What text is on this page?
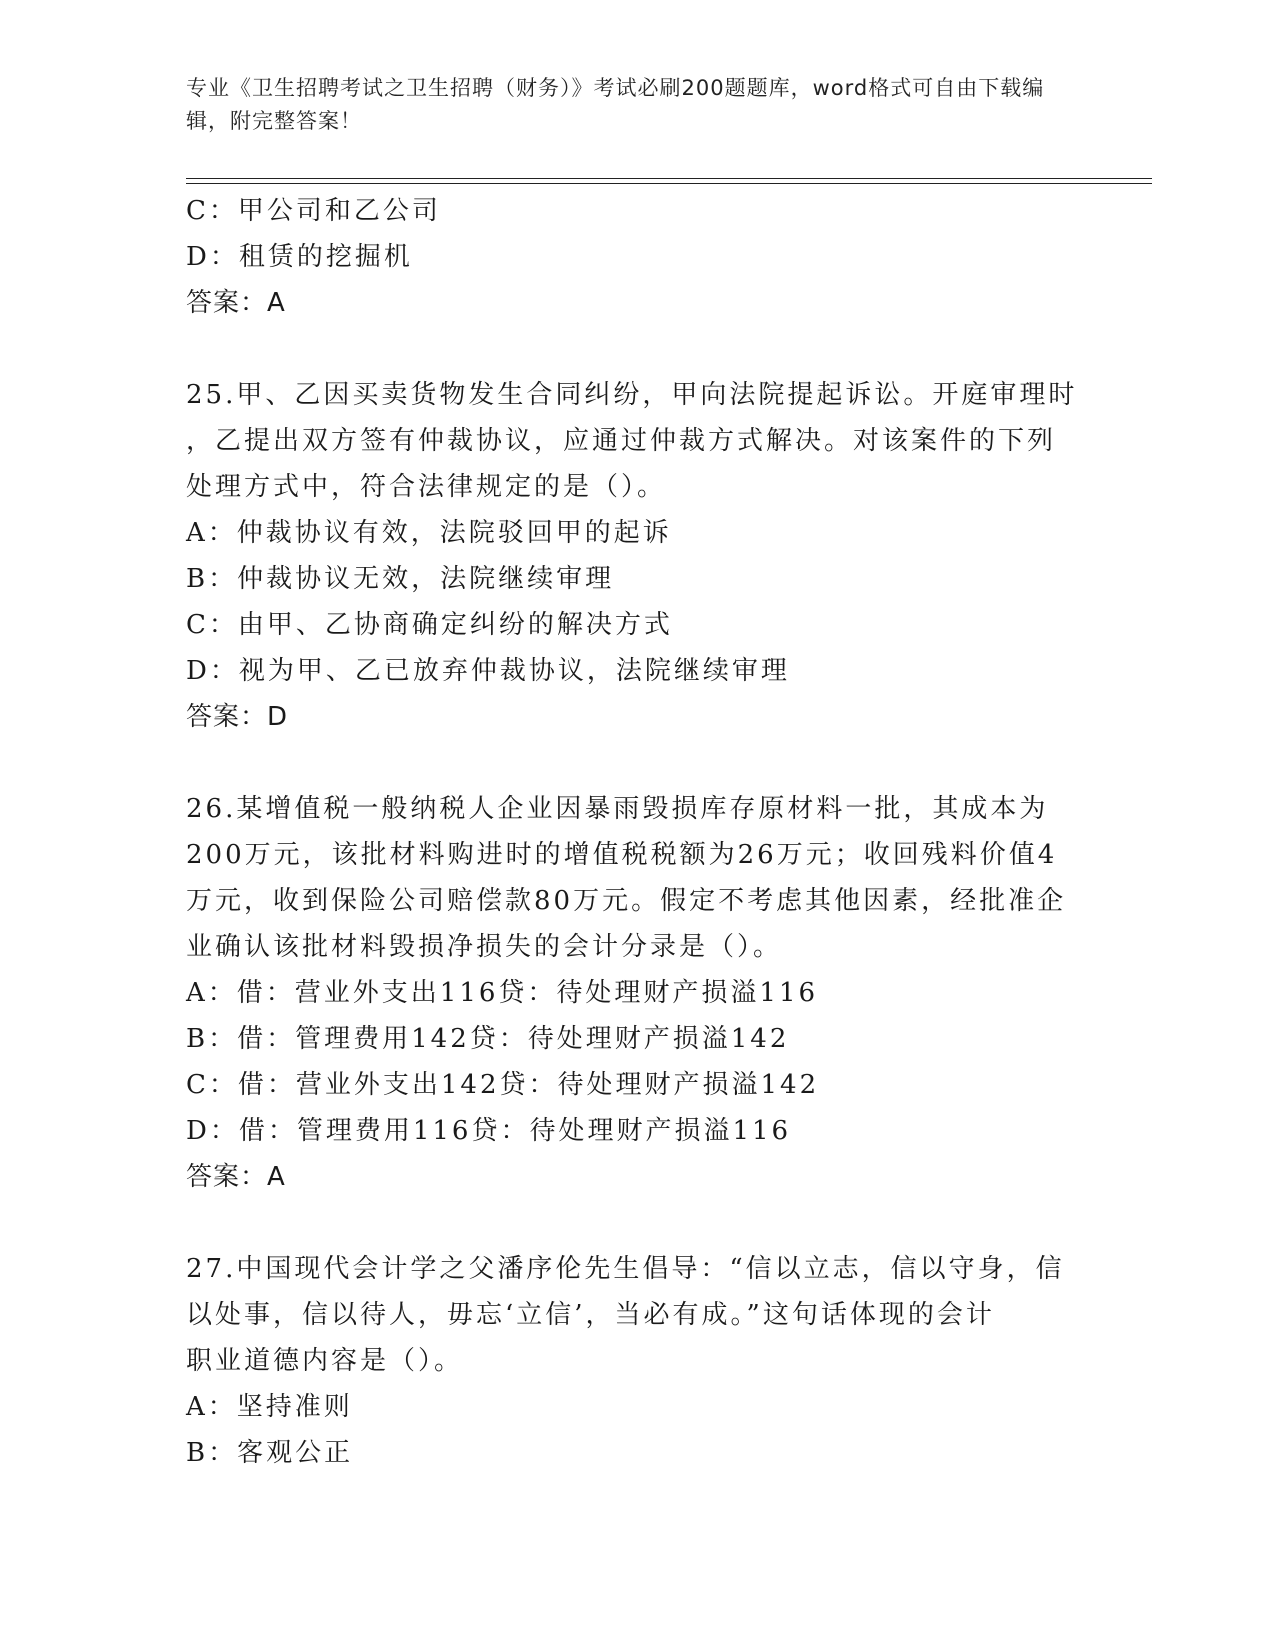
专业《卫生招聘考试之卫生招聘（财务）》考试必刷200题题库，word格式可自由下载编辑，附完整答案！
C：甲公司和乙公司
D：租赁的挖掘机
答案：A
25.甲、乙因买卖货物发生合同纠纷，甲向法院提起诉讼。开庭审理时
，乙提出双方签有仲裁协议，应通过仲裁方式解决。对该案件的下列
处理方式中，符合法律规定的是（）。
A：仲裁协议有效，法院驳回甲的起诉
B：仲裁协议无效，法院继续审理
C：由甲、乙协商确定纠纷的解决方式
D：视为甲、乙已放弃仲裁协议，法院继续审理
答案：D
26.某增值税一般纳税人企业因暴雨毁损库存原材料一批，其成本为
200万元，该批材料购进时的增值税税额为26万元；收回残料价值4
万元，收到保险公司赔偿款80万元。假定不考虑其他因素，经批准企
业确认该批材料毁损净损失的会计分录是（）。
A：借：营业外支出116贷：待处理财产损溢116
B：借：管理费用142贷：待处理财产损溢142
C：借：营业外支出142贷：待处理财产损溢142
D：借：管理费用116贷：待处理财产损溢116
答案：A
27.中国现代会计学之父潘序伦先生倡导：“信以立志，信以守身，信
以处事，信以待人，毋忘‘立信’，当必有成。”这句话体现的会计
职业道德内容是（）。
A：坚持准则
B：客观公正
